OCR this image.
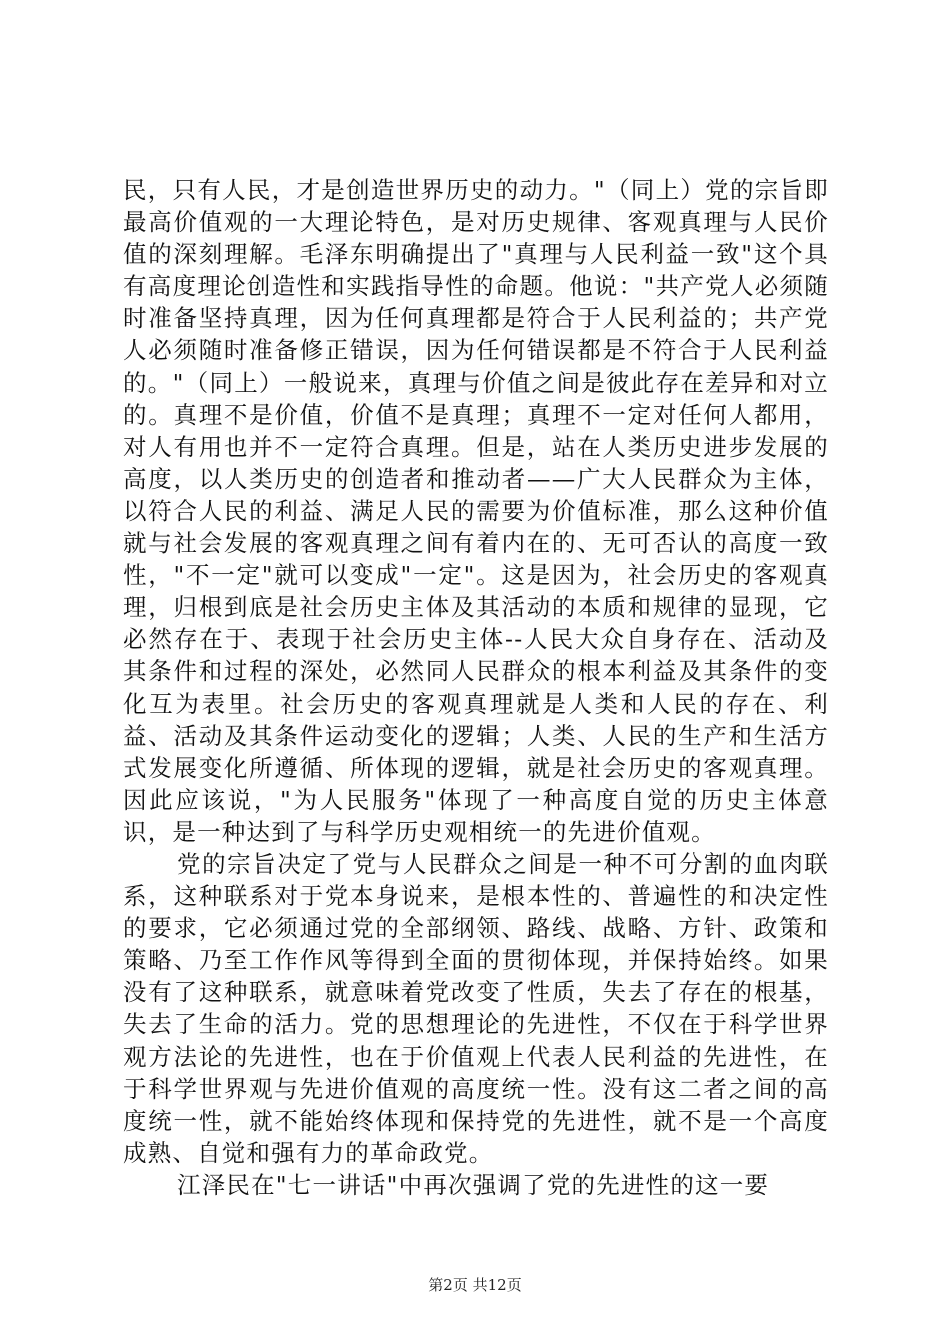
民，只有人民，才是创造世界历史的动力。"（同上）党的宗旨即最高价值观的一大理论特色，是对历史规律、客观真理与人民价值的深刻理解。毛泽东明确提出了"真理与人民利益一致"这个具有高度理论创造性和实践指导性的命题。他说："共产党人必须随时准备坚持真理，因为任何真理都是符合于人民利益的；共产党人必须随时准备修正错误，因为任何错误都是不符合于人民利益的。"（同上）一般说来，真理与价值之间是彼此存在差异和对立的。真理不是价值，价值不是真理；真理不一定对任何人都用，对人有用也并不一定符合真理。但是，站在人类历史进步发展的高度，以人类历史的创造者和推动者——广大人民群众为主体，以符合人民的利益、满足人民的需要为价值标准，那么这种价值就与社会发展的客观真理之间有着内在的、无可否认的高度一致性，"不一定"就可以变成"一定"。这是因为，社会历史的客观真理，归根到底是社会历史主体及其活动的本质和规律的显现，它必然存在于、表现于社会历史主体--人民大众自身存在、活动及其条件和过程的深处，必然同人民群众的根本利益及其条件的变化互为表里。社会历史的客观真理就是人类和人民的存在、利益、活动及其条件运动变化的逻辑；人类、人民的生产和生活方式发展变化所遵循、所体现的逻辑，就是社会历史的客观真理。因此应该说，"为人民服务"体现了一种高度自觉的历史主体意识，是一种达到了与科学历史观相统一的先进价值观。

党的宗旨决定了党与人民群众之间是一种不可分割的血肉联系，这种联系对于党本身说来，是根本性的、普遍性的和决定性的要求，它必须通过党的全部纲领、路线、战略、方针、政策和策略、乃至工作作风等得到全面的贯彻体现，并保持始终。如果没有了这种联系，就意味着党改变了性质，失去了存在的根基，失去了生命的活力。党的思想理论的先进性，不仅在于科学世界观方法论的先进性，也在于价值观上代表人民利益的先进性，在于科学世界观与先进价值观的高度统一性。没有这二者之间的高度统一性，就不能始终体现和保持党的先进性，就不是一个高度成熟、自觉和强有力的革命政党。

江泽民在"七一讲话"中再次强调了党的先进性的这一要

第2页 共12页
